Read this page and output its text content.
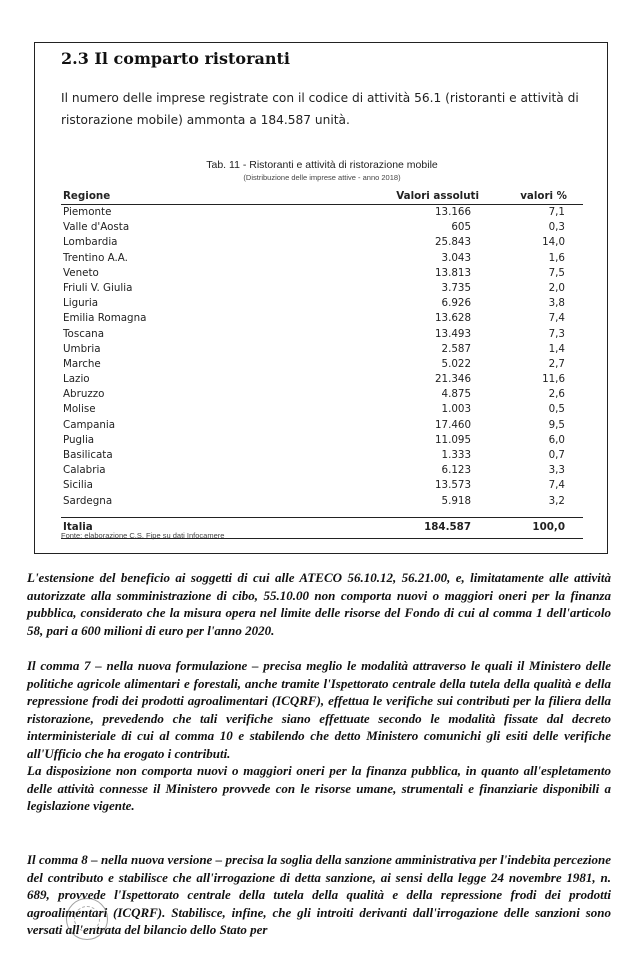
2.3 Il comparto ristoranti
Il numero delle imprese registrate con il codice di attività 56.1 (ristoranti e attività di ristorazione mobile) ammonta a 184.587 unità.
Tab. 11 - Ristoranti e attività di ristorazione mobile
(Distribuzione delle imprese attive - anno 2018)
Regione	Valori assoluti	valori %
Piemonte	13.166	7,1
Valle d'Aosta	605	0,3
Lombardia	25.843	14,0
Trentino A.A.	3.043	1,6
Veneto	13.813	7,5
Friuli V. Giulia	3.735	2,0
Liguria	6.926	3,8
Emilia Romagna	13.628	7,4
Toscana	13.493	7,3
Umbria	2.587	1,4
Marche	5.022	2,7
Lazio	21.346	11,6
Abruzzo	4.875	2,6
Molise	1.003	0,5
Campania	17.460	9,5
Puglia	11.095	6,0
Basilicata	1.333	0,7
Calabria	6.123	3,3
Sicilia	13.573	7,4
Sardegna	5.918	3,2
Italia	184.587	100,0
Fonte: elaborazione C.S. Fipe su dati Infocamere

L'estensione del beneficio ai soggetti di cui alle ATECO 56.10.12, 56.21.00, e, limitatamente alle attività autorizzate alla somministrazione di cibo, 55.10.00 non comporta nuovi o maggiori oneri per la finanza pubblica, considerato che la misura opera nel limite delle risorse del Fondo di cui al comma 1 dell'articolo 58, pari a 600 milioni di euro per l'anno 2020.

Il comma 7 – nella nuova formulazione – precisa meglio le modalità attraverso le quali il Ministero delle politiche agricole alimentari e forestali, anche tramite l'Ispettorato centrale della tutela della qualità e della repressione frodi dei prodotti agroalimentari (ICQRF), effettua le verifiche sui contributi per la filiera della ristorazione, prevedendo che tali verifiche siano effettuate secondo le modalità fissate dal decreto interministeriale di cui al comma 10 e stabilendo che detto Ministero comunichi gli esiti delle verifiche all'Ufficio che ha erogato i contributi.

La disposizione non comporta nuovi o maggiori oneri per la finanza pubblica, in quanto all'espletamento delle attività connesse il Ministero provvede con le risorse umane, strumentali e finanziarie disponibili a legislazione vigente.

Il comma 8 – nella nuova versione – precisa la soglia della sanzione amministrativa per l'indebita percezione del contributo e stabilisce che all'irrogazione di detta sanzione, ai sensi della legge 24 novembre 1981, n. 689, provvede l'Ispettorato centrale della tutela della qualità e della repressione frodi dei prodotti agroalimentari (ICQRF). Stabilisce, infine, che gli introiti derivanti dall'irrogazione delle sanzioni sono versati all'entrata del bilancio dello Stato per
